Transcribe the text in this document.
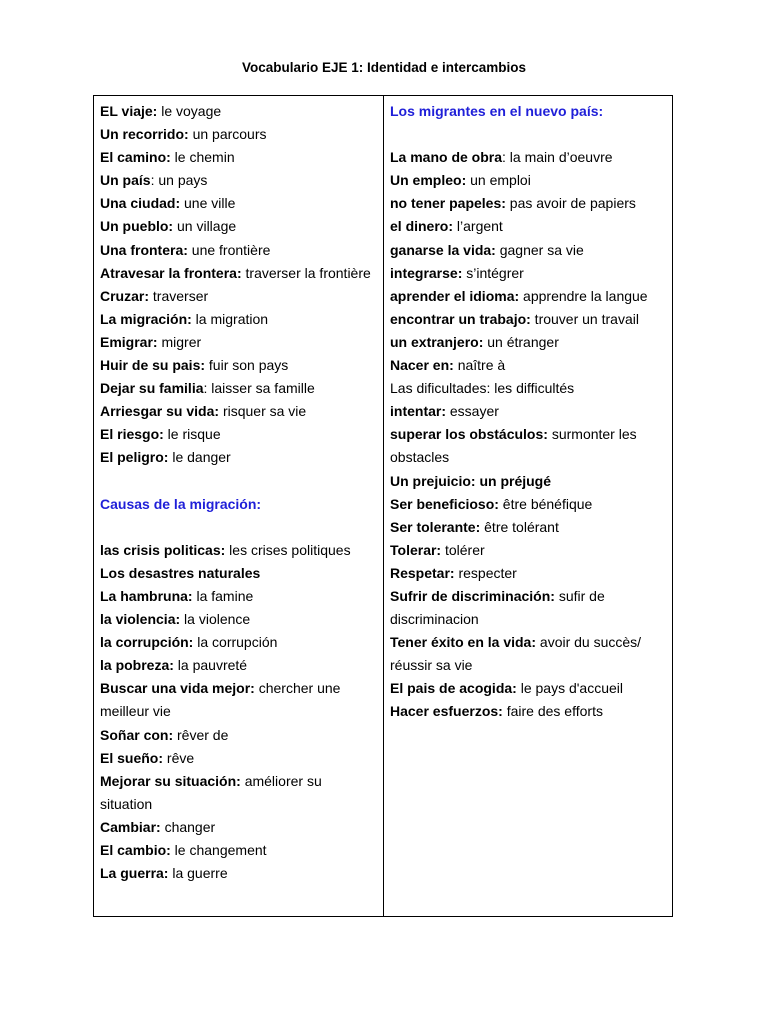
Vocabulario EJE 1: Identidad e intercambios
EL viaje: le voyage
Un recorrido: un parcours
El camino: le chemin
Un país: un pays
Una ciudad: une ville
Un pueblo: un village
Una frontera: une frontière
Atravesar la frontera: traverser la frontière
Cruzar: traverser
La migración: la migration
Emigrar: migrer
Huir de su pais: fuir son pays
Dejar su familia: laisser sa famille
Arriesgar su vida: risquer sa vie
El riesgo: le risque
El peligro: le danger
Causas de la migración:
las crisis politicas: les crises politiques
Los desastres naturales
La hambruna: la famine
la violencia: la violence
la corrupción: la corrupción
la pobreza: la pauvreté
Buscar una vida mejor: chercher une
meilleur vie
Soñar con: rêver de
El sueño: rêve
Mejorar su situación: améliorer su
situation
Cambiar: changer
El cambio: le changement
La guerra: la guerre
Los migrantes en el nuevo país:
La mano de obra: la main d’oeuvre
Un empleo: un emploi
no tener papeles: pas avoir de papiers
el dinero: l’argent
ganarse la vida: gagner sa vie
integrarse: s’intégrer
aprender el idioma: apprendre la langue
encontrar un trabajo: trouver un travail
un extranjero: un étranger
Nacer en: naître à
Las dificultades: les difficultés
intentar: essayer
superar los obstáculos: surmonter les
obstacles
Un prejuicio: un préjugé
Ser beneficioso: être bénéfique
Ser tolerante: être tolérant
Tolerar: tolérer
Respetar: respecter
Sufrir de discriminación: sufir de
discriminacion
Tener éxito en la vida: avoir du succès/
réussir sa vie
El pais de acogida: le pays d'accueil
Hacer esfuerzos: faire des efforts
